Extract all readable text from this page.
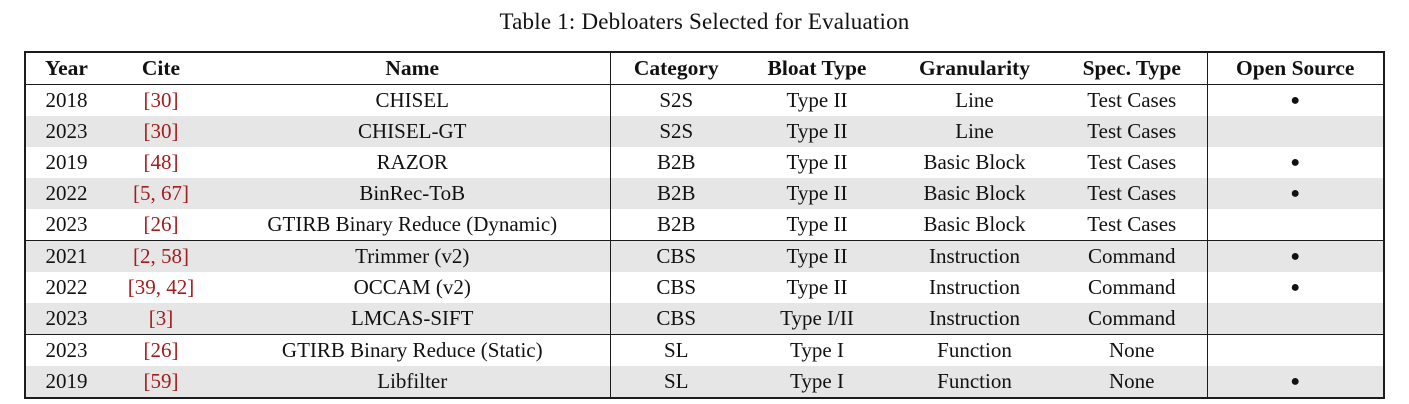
Table 1: Debloaters Selected for Evaluation
Year	Cite	Name	Category	Bloat Type	Granularity	Spec. Type	Open Source
2018	[30]	CHISEL	S2S	Type II	Line	Test Cases	●
2023	[30]	CHISEL-GT	S2S	Type II	Line	Test Cases	
2019	[48]	RAZOR	B2B	Type II	Basic Block	Test Cases	●
2022	[5, 67]	BinRec-ToB	B2B	Type II	Basic Block	Test Cases	●
2023	[26]	GTIRB Binary Reduce (Dynamic)	B2B	Type II	Basic Block	Test Cases	
2021	[2, 58]	Trimmer (v2)	CBS	Type II	Instruction	Command	●
2022	[39, 42]	OCCAM (v2)	CBS	Type II	Instruction	Command	●
2023	[3]	LMCAS-SIFT	CBS	Type I/II	Instruction	Command	
2023	[26]	GTIRB Binary Reduce (Static)	SL	Type I	Function	None	
2019	[59]	Libfilter	SL	Type I	Function	None	●
